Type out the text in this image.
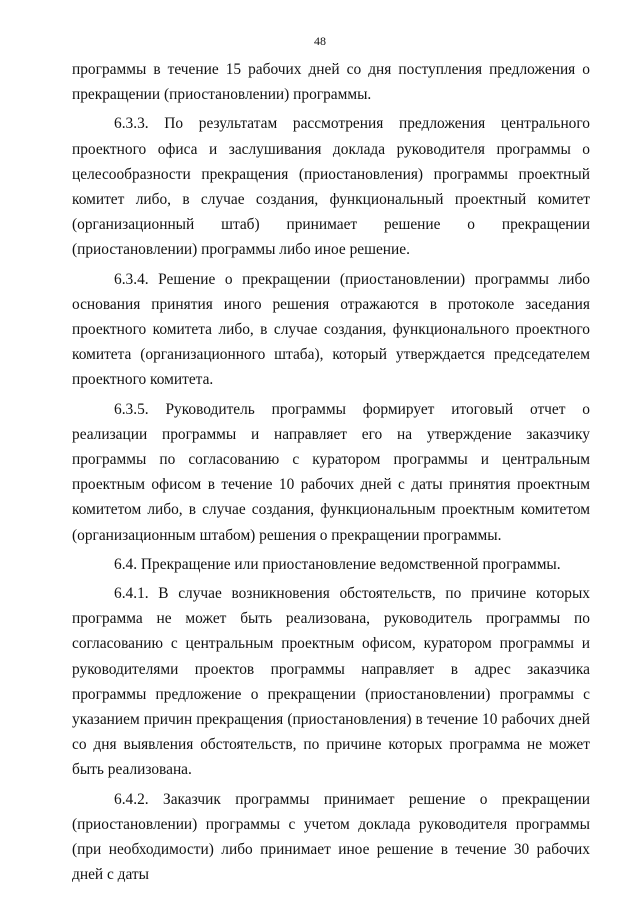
48

программы в течение 15 рабочих дней со дня поступления предложения о прекращении (приостановлении) программы.

6.3.3. По результатам рассмотрения предложения центрального проектного офиса и заслушивания доклада руководителя программы о целесообразности прекращения (приостановления) программы проектный комитет либо, в случае создания, функциональный проектный комитет (организационный штаб) принимает решение о прекращении (приостановлении) программы либо иное решение.

6.3.4. Решение о прекращении (приостановлении) программы либо основания принятия иного решения отражаются в протоколе заседания проектного комитета либо, в случае создания, функционального проектного комитета (организационного штаба), который утверждается председателем проектного комитета.

6.3.5. Руководитель программы формирует итоговый отчет о реализации программы и направляет его на утверждение заказчику программы по согласованию с куратором программы и центральным проектным офисом в течение 10 рабочих дней с даты принятия проектным комитетом либо, в случае создания, функциональным проектным комитетом (организационным штабом) решения о прекращении программы.

6.4. Прекращение или приостановление ведомственной программы.

6.4.1. В случае возникновения обстоятельств, по причине которых программа не может быть реализована, руководитель программы по согласованию с центральным проектным офисом, куратором программы и руководителями проектов программы направляет в адрес заказчика программы предложение о прекращении (приостановлении) программы с указанием причин прекращения (приостановления) в течение 10 рабочих дней со дня выявления обстоятельств, по причине которых программа не может быть реализована.

6.4.2. Заказчик программы принимает решение о прекращении (приостановлении) программы с учетом доклада руководителя программы (при необходимости) либо принимает иное решение в течение 30 рабочих дней с даты
